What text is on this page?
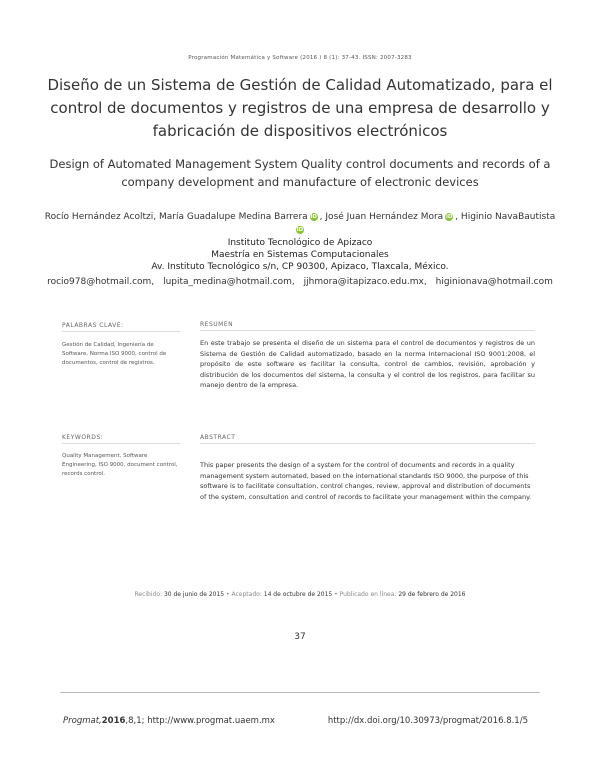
Programación Matemática y Software (2016 ) 8 (1): 37-43. ISSN: 2007-3283
Diseño de un Sistema de Gestión de Calidad Automatizado, para el control de documentos y registros de una empresa de desarrollo y fabricación de dispositivos electrónicos
Design of Automated Management System Quality control documents and records of a company development and manufacture of electronic devices
Rocío Hernández Acoltzi, María Guadalupe Medina Barrera iD , José Juan Hernández Mora iD , Higinio NavaBautistaiD
Instituto Tecnológico de Apizaco
Maestría en Sistemas Computacionales
Av. Instituto Tecnológico s/n, CP 90300, Apizaco, Tlaxcala, México.
rocio978@hotmail.com, lupita_medina@hotmail.com, jjhmora@itapizaco.edu.mx, higinionava@hotmail.com
PALABRAS CLAVE:
Gestión de Calidad, Ingeniería de Software, Norma ISO 9000, control de documentos, control de registros.
RESUMEN
En este trabajo se presenta el diseño de un sistema para el control de documentos y registros de un Sistema de Gestión de Calidad automatizado, basado en la norma Internacional ISO 9001:2008, el propósito de este software es facilitar la consulta, control de cambios, revisión, aprobación y distribución de los documentos del sistema, la consulta y el control de los registros, para facilitar su manejo dentro de la empresa.
KEYWORDS:
Quality Management, Software Engineering, ISO 9000, document control, records control.
ABSTRACT
This paper presents the design of a system for the control of documents and records in a quality management system automated, based on the international standards ISO 9000, the purpose of this software is to facilitate consultation, control changes, review, approval and distribution of documents of the system, consultation and control of records to facilitate your management within the company.
Recibido: 30 de junio de 2015 • Aceptado: 14 de octubre de 2015 • Publicado en línea: 29 de febrero de 2016
37
Progmat,2016,8,1; http://www.progmat.uaem.mx	http://dx.doi.org/10.30973/progmat/2016.8.1/5
